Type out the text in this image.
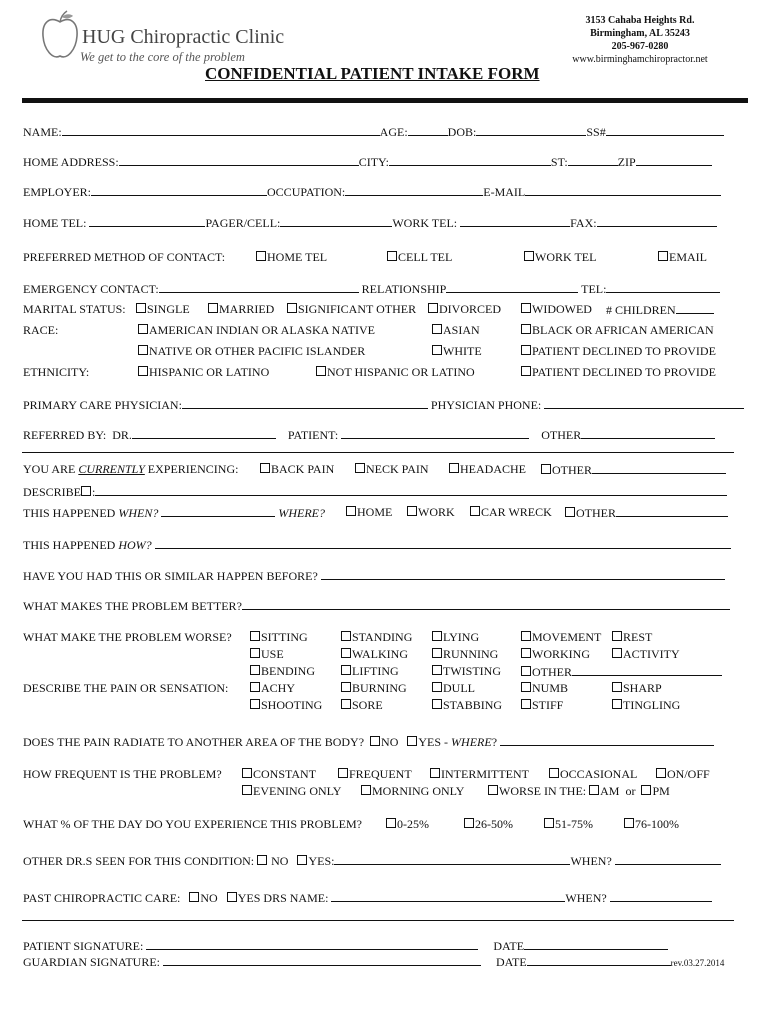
HUG Chiropractic Clinic
We get to the core of the problem
3153 Cahaba Heights Rd.
Birmingham, AL 35243
205-967-0280
www.birminghamchiropractor.net
CONFIDENTIAL PATIENT INTAKE FORM
NAME:	AGE:	DOB:	SS#
HOME ADDRESS:	CITY:	ST:	ZIP
EMPLOYER:	OCCUPATION:	E-MAIL
HOME TEL:	PAGER/CELL:	WORK TEL:	FAX:
PREFERRED METHOD OF CONTACT:	HOME TEL	CELL TEL	WORK TEL	EMAIL
EMERGENCY CONTACT:	RELATIONSHIP	TEL:
MARITAL STATUS:	SINGLE	MARRIED	SIGNIFICANT OTHER	DIVORCED	WIDOWED # CHILDREN
RACE:	AMERICAN INDIAN OR ALASKA NATIVE	ASIAN	BLACK OR AFRICAN AMERICAN
NATIVE OR OTHER PACIFIC ISLANDER	WHITE	PATIENT DECLINED TO PROVIDE
ETHNICITY:	HISPANIC OR LATINO	NOT HISPANIC OR LATINO	PATIENT DECLINED TO PROVIDE
PRIMARY CARE PHYSICIAN:	PHYSICIAN PHONE:
REFERRED BY: DR.	PATIENT:	OTHER
YOU ARE CURRENTLY EXPERIENCING:	BACK PAIN	NECK PAIN	HEADACHE	OTHER
DESCRIBE :
THIS HAPPENED WHEN?	WHERE?	HOME	WORK	CAR WRECK	OTHER
THIS HAPPENED HOW?
HAVE YOU HAD THIS OR SIMILAR HAPPEN BEFORE?
WHAT MAKES THE PROBLEM BETTER?
WHAT MAKE THE PROBLEM WORSE?	SITTING	STANDING	LYING	MOVEMENT	REST
USE	WALKING	RUNNING	WORKING	ACTIVITY
BENDING	LIFTING	TWISTING	OTHER
DESCRIBE THE PAIN OR SENSATION:	ACHY	BURNING	DULL	NUMB	SHARP
SHOOTING	SORE	STABBING	STIFF	TINGLING
DOES THE PAIN RADIATE TO ANOTHER AREA OF THE BODY? NO YES - WHERE?
HOW FREQUENT IS THE PROBLEM?	CONSTANT	FREQUENT	INTERMITTENT	OCCASIONAL	ON/OFF
EVENING ONLY	MORNING ONLY	WORSE IN THE: AM or PM
WHAT % OF THE DAY DO YOU EXPERIENCE THIS PROBLEM?	0-25%	26-50%	51-75%	76-100%
OTHER DR.S SEEN FOR THIS CONDITION: NO YES:	WHEN?
PAST CHIROPRACTIC CARE: NO YES DRS NAME:	WHEN?
PATIENT SIGNATURE:	DATE
GUARDIAN SIGNATURE:	DATE	rev.03.27.2014
